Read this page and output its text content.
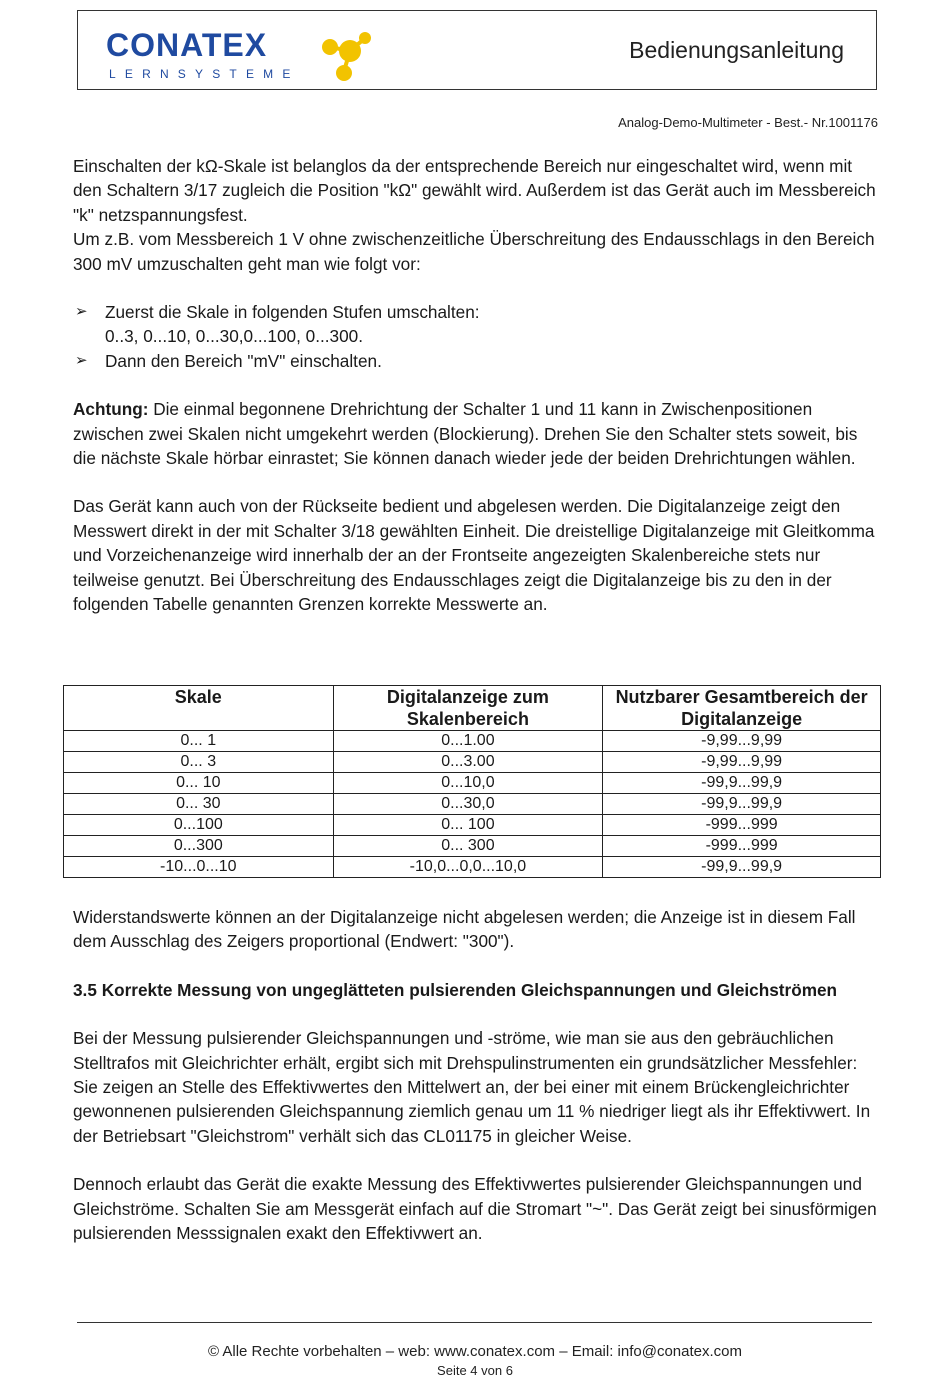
CONATEX
LERNSYSTEME
Bedienungsanleitung
Analog-Demo-Multimeter - Best.- Nr.1001176

Einschalten der kΩ-Skale ist belanglos da der entsprechende Bereich nur eingeschaltet wird, wenn mit den Schaltern 3/17 zugleich die Position "kΩ" gewählt wird. Außerdem ist das Gerät auch im Messbereich "k" netzspannungsfest.

Um z.B. vom Messbereich 1 V ohne zwischenzeitliche Überschreitung des Endausschlags in den Bereich 300 mV umzuschalten geht man wie folgt vor:

➢ Zuerst die Skale in folgenden Stufen umschalten:
0..3, 0...10, 0...30,0...100, 0...300.
➢ Dann den Bereich "mV" einschalten.

Achtung: Die einmal begonnene Drehrichtung der Schalter 1 und 11 kann in Zwischenpositionen zwischen zwei Skalen nicht umgekehrt werden (Blockierung). Drehen Sie den Schalter stets soweit, bis die nächste Skale hörbar einrastet; Sie können danach wieder jede der beiden Drehrichtungen wählen.

Das Gerät kann auch von der Rückseite bedient und abgelesen werden. Die Digitalanzeige zeigt den Messwert direkt in der mit Schalter 3/18 gewählten Einheit. Die dreistellige Digitalanzeige mit Gleitkomma und Vorzeichenanzeige wird innerhalb der an der Frontseite angezeigten Skalenbereiche stets nur teilweise genutzt. Bei Überschreitung des Endausschlages zeigt die Digitalanzeige bis zu den in der folgenden Tabelle genannten Grenzen korrekte Messwerte an.

Skale	Digitalanzeige zum Skalenbereich	Nutzbarer Gesamtbereich der Digitalanzeige
0... 1	0...1.00	-9,99...9,99
0... 3	0...3.00	-9,99...9,99
0... 10	0...10,0	-99,9...99,9
0... 30	0...30,0	-99,9...99,9
0...100	0... 100	-999...999
0...300	0... 300	-999...999
-10...0...10	-10,0...0,0...10,0	-99,9...99,9

Widerstandswerte können an der Digitalanzeige nicht abgelesen werden; die Anzeige ist in diesem Fall dem Ausschlag des Zeigers proportional (Endwert: "300").

3.5 Korrekte Messung von ungeglätteten pulsierenden Gleichspannungen und Gleichströmen

Bei der Messung pulsierender Gleichspannungen und -ströme, wie man sie aus den gebräuchlichen Stelltrafos mit Gleichrichter erhält, ergibt sich mit Drehspulinstrumenten ein grundsätzlicher Messfehler: Sie zeigen an Stelle des Effektivwertes den Mittelwert an, der bei einer mit einem Brückengleichrichter gewonnenen pulsierenden Gleichspannung ziemlich genau um 11 % niedriger liegt als ihr Effektivwert. In der Betriebsart "Gleichstrom" verhält sich das CL01175 in gleicher Weise.

Dennoch erlaubt das Gerät die exakte Messung des Effektivwertes pulsierender Gleichspannungen und Gleichströme. Schalten Sie am Messgerät einfach auf die Stromart "~". Das Gerät zeigt bei sinusförmigen pulsierenden Messsignalen exakt den Effektivwert an.

© Alle Rechte vorbehalten – web: www.conatex.com – Email: info@conatex.com
Seite 4 von 6
